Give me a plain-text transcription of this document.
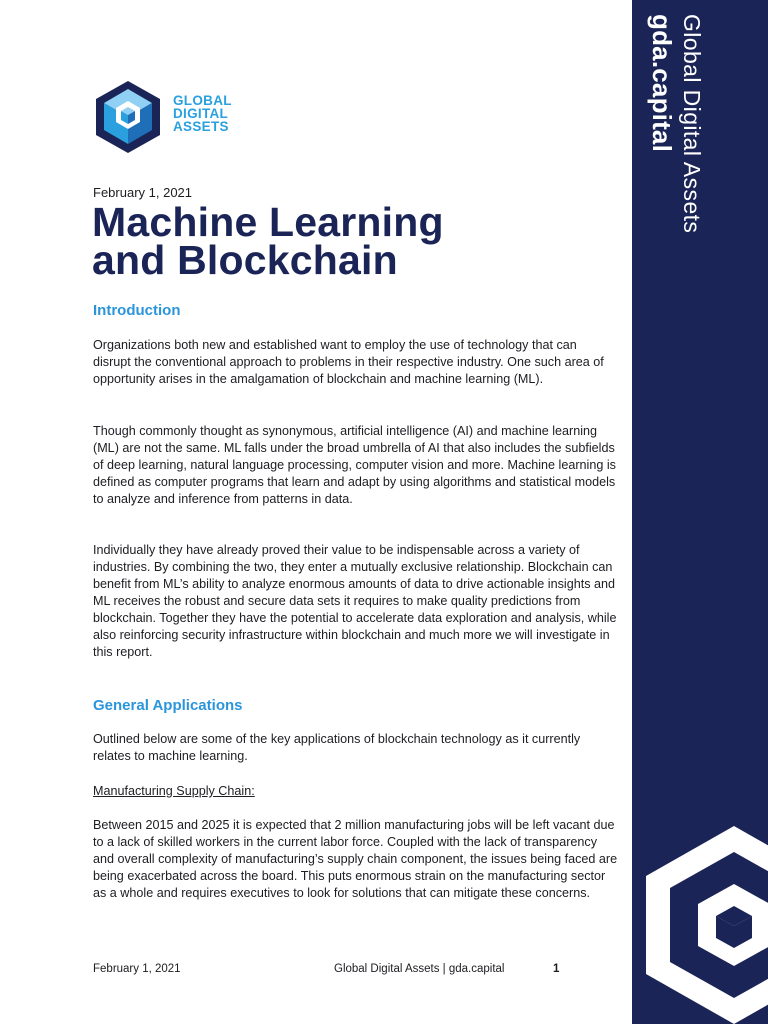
GLOBAL
DIGITAL
ASSETS
February 1, 2021
Machine Learning
and Blockchain
Introduction

Organizations both new and established want to employ the use of technology that can disrupt the conventional approach to problems in their respective industry. One such area of opportunity arises in the amalgamation of blockchain and machine learning (ML).

Though commonly thought as synonymous, artificial intelligence (AI) and machine learning (ML) are not the same. ML falls under the broad umbrella of AI that also includes the subfields of deep learning, natural language processing, computer vision and more. Machine learning is defined as computer programs that learn and adapt by using algorithms and statistical models to analyze and inference from patterns in data.

Individually they have already proved their value to be indispensable across a variety of industries. By combining the two, they enter a mutually exclusive relationship. Blockchain can benefit from ML’s ability to analyze enormous amounts of data to drive actionable insights and ML receives the robust and secure data sets it requires to make quality predictions from blockchain. Together they have the potential to accelerate data exploration and analysis, while also reinforcing security infrastructure within blockchain and much more we will investigate in this report.

General Applications

Outlined below are some of the key applications of blockchain technology as it currently relates to machine learning.

Manufacturing Supply Chain:

Between 2015 and 2025 it is expected that 2 million manufacturing jobs will be left vacant due to a lack of skilled workers in the current labor force. Coupled with the lack of transparency and overall complexity of manufacturing’s supply chain component, the issues being faced are being exacerbated across the board. This puts enormous strain on the manufacturing sector as a whole and requires executives to look for solutions that can mitigate these concerns.

February 1, 2021	Global Digital Assets | gda.capital	1
Global Digital Assets
gda.capital
